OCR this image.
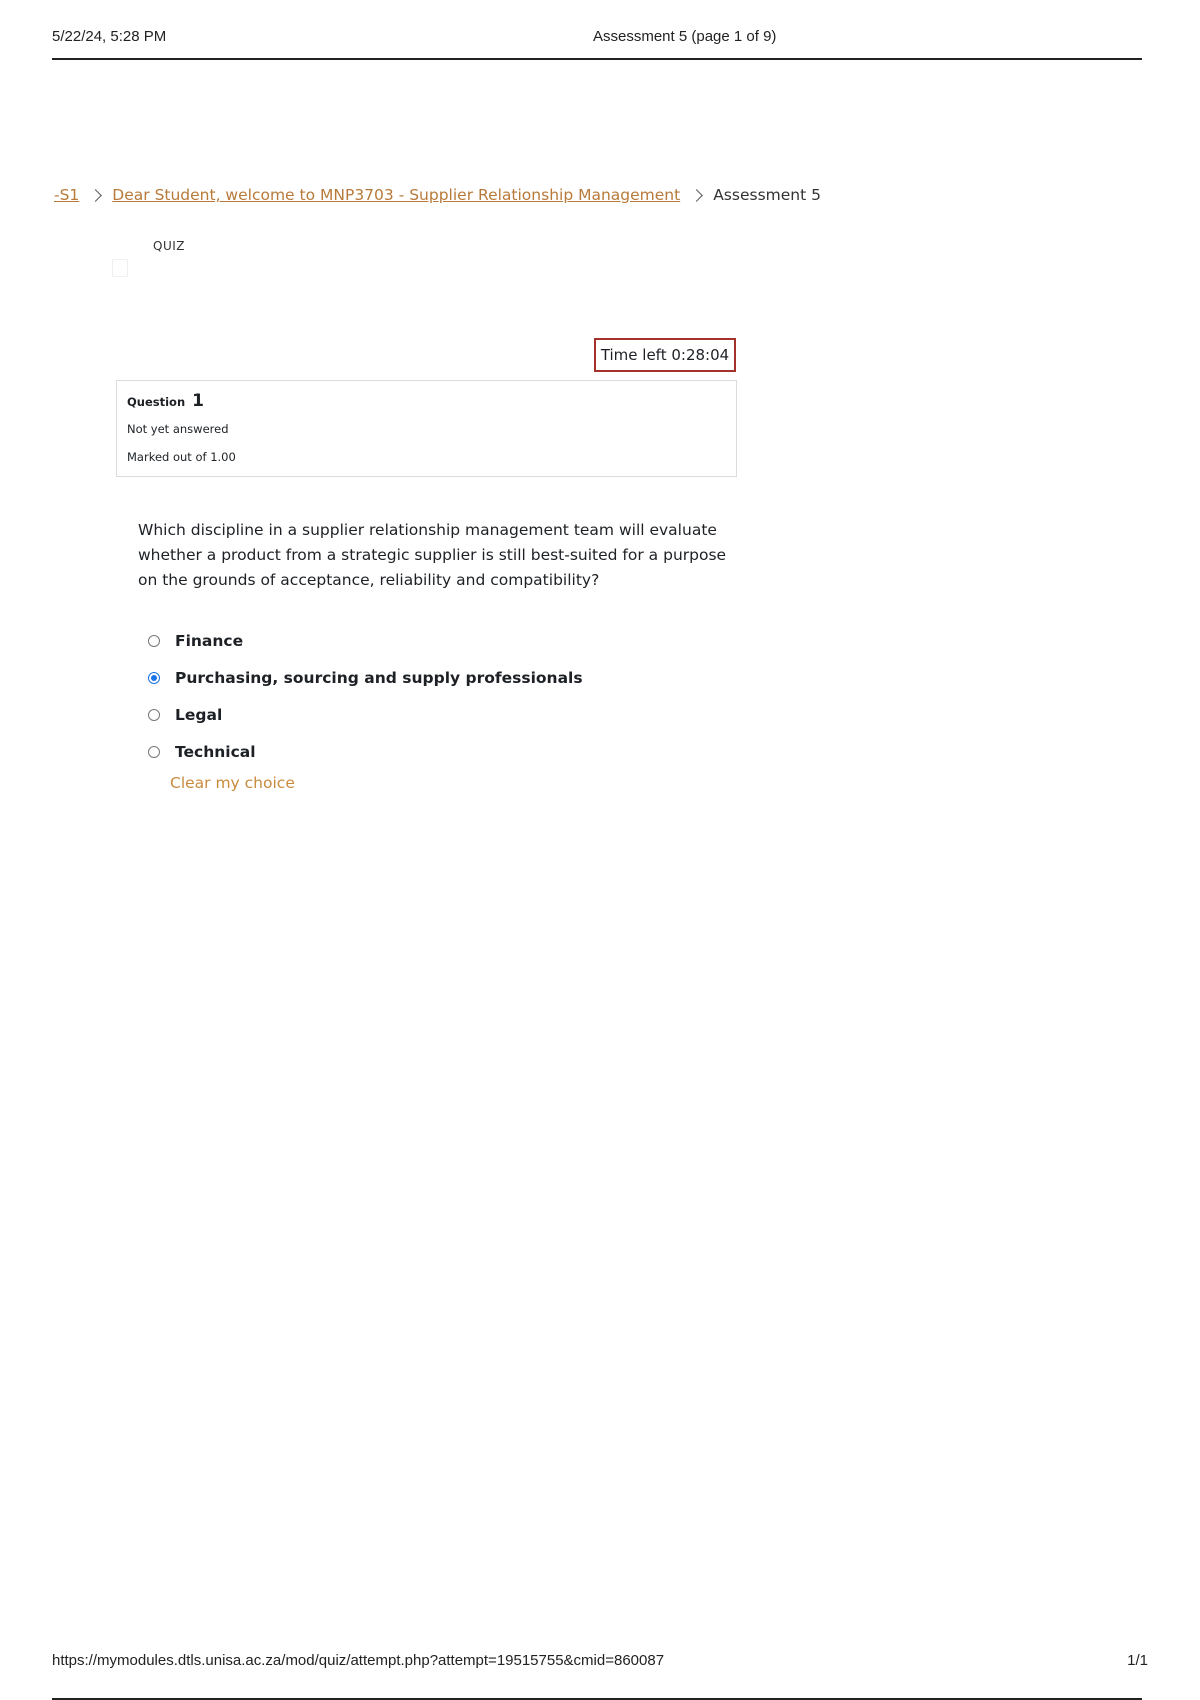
5/22/24, 5:28 PM	Assessment 5 (page 1 of 9)
-S1 Dear Student, welcome to MNP3703 - Supplier Relationship Management Assessment 5
QUIZ
Time left 0:28:04
Question 1
Not yet answered
Marked out of 1.00
Which discipline in a supplier relationship management team will evaluate whether a product from a strategic supplier is still best-suited for a purpose on the grounds of acceptance, reliability and compatibility?
Finance
Purchasing, sourcing and supply professionals
Legal
Technical
Clear my choice
https://mymodules.dtls.unisa.ac.za/mod/quiz/attempt.php?attempt=19515755&cmid=860087	1/1
